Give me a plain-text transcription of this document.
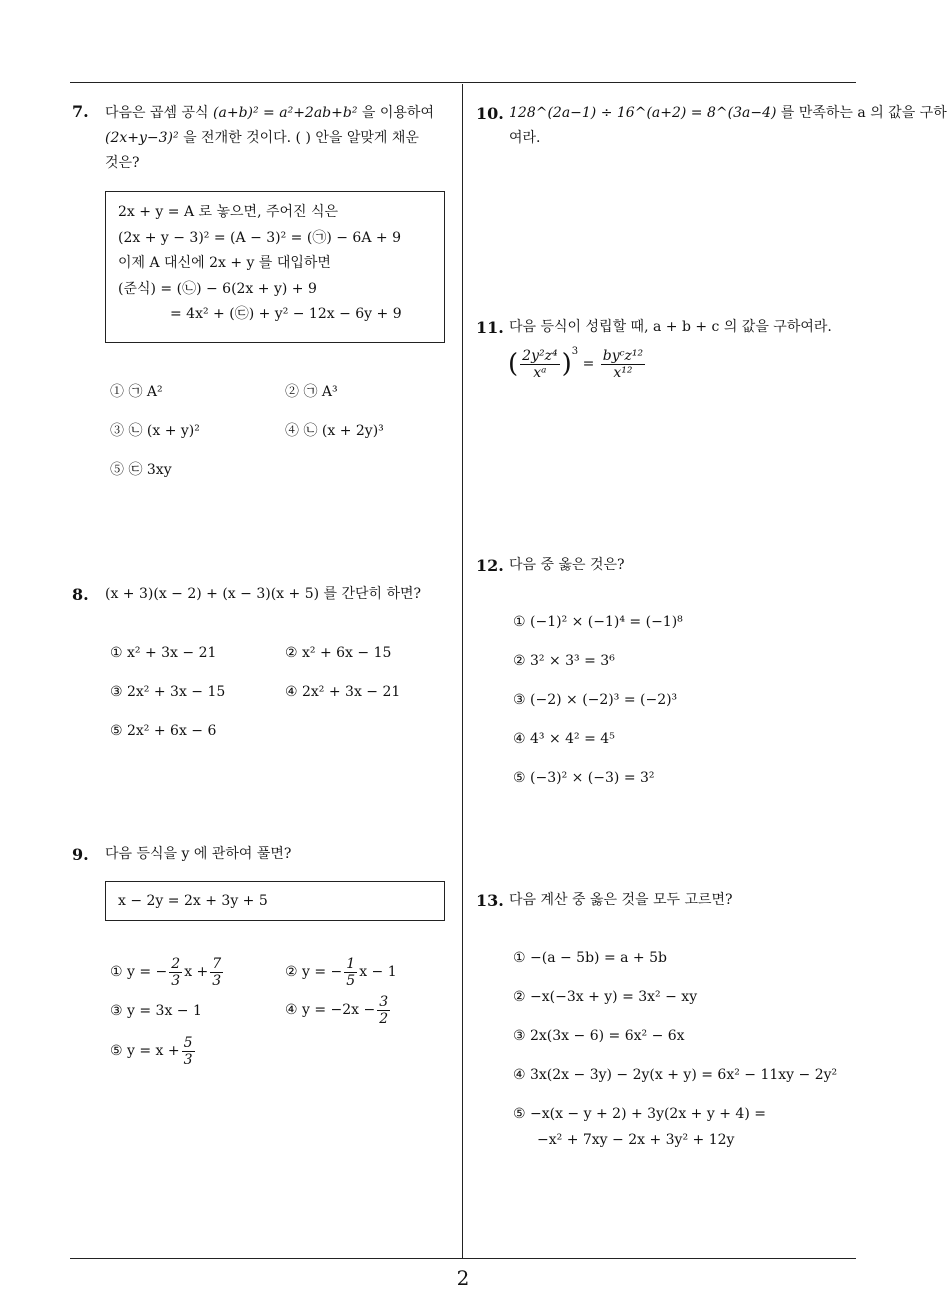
2
7. 다음은 곱셈 공식 (a+b)² = a²+2ab+b² 을 이용하여
(2x+y−3)² 을 전개한 것이다. ( ) 안을 알맞게 채운
것은?
2x + y = A 로 놓으면, 주어진 식은
(2x + y − 3)² = (A − 3)² = (㉠) − 6A + 9
이제 A 대신에 2x + y 를 대입하면
(준식) = (㉡) − 6(2x + y) + 9
= 4x² + (㉢) + y² − 12x − 6y + 9
① ㉠ A²	② ㉠ A³
③ ㉡ (x + y)²	④ ㉡ (x + 2y)³
⑤ ㉢ 3xy
8. (x + 3)(x − 2) + (x − 3)(x + 5) 를 간단히 하면?
① x² + 3x − 21	② x² + 6x − 15
③ 2x² + 3x − 15	④ 2x² + 3x − 21
⑤ 2x² + 6x − 6
9. 다음 등식을 y 에 관하여 풀면?
x − 2y = 2x + 3y + 5
① y = − $\frac{2}{3}$ $x + \frac{7}{3}$	② y = − $\frac{1}{5}$ x − 1
③ y = 3x − 1	④ $y = -2x - \frac{3}{2}$
⑤ $y = x + \frac{5}{3}$
10. 128^(2a−1) ÷ 16^(a+2) = 8^(3a−4) 를 만족하는 a 의 값을 구하
여라.
11. 다음 등식이 성립할 때, a + b + c 의 값을 구하여라.
( $\frac{\text{2y²z⁴}}{\text{xᵃ}} )^3 = \frac{\text{byᶜz¹²}}{\text{x¹²}}$
12. 다음 중 옳은 것은?
① (−1)² × (−1)⁴ = (−1)⁸
② 3² × 3³ = 3⁶
③ (−2) × (−2)³ = (−2)³
④ 4³ × 4² = 4⁵
⑤ (−3)² × (−3) = 3²
13. 다음 계산 중 옳은 것을 모두 고르면?
① −(a − 5b) = a + 5b
② −x(−3x + y) = 3x² − xy
③ 2x(3x − 6) = 6x² − 6x
④ 3x(2x − 3y) − 2y(x + y) = 6x² − 11xy − 2y²
⑤ −x(x − y + 2) + 3y(2x + y + 4) =
−x² + 7xy − 2x + 3y² + 12y
